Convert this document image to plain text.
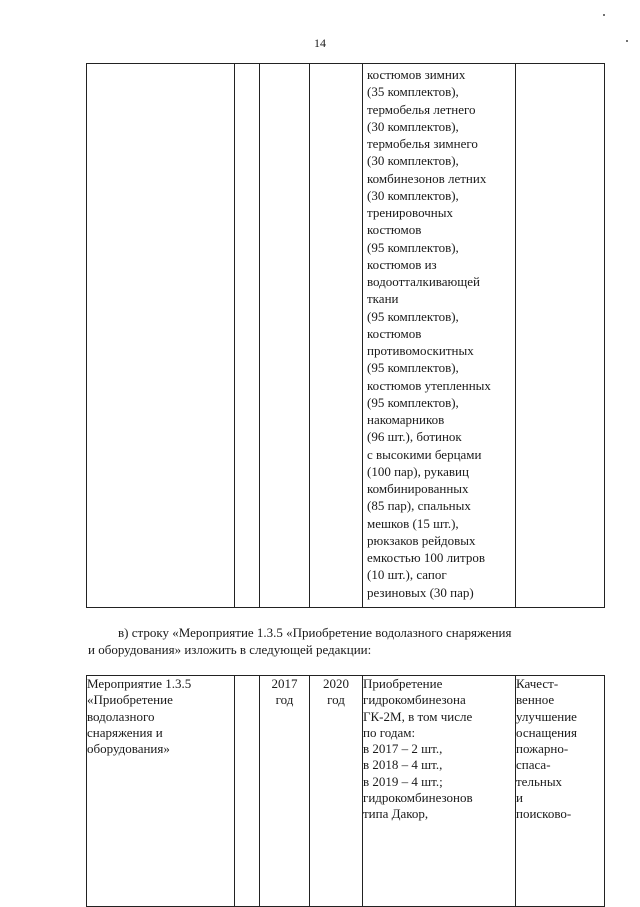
14

костюмов зимних
(35 комплектов),
термобелья летнего
(30 комплектов),
термобелья зимнего
(30 комплектов),
комбинезонов летних
(30 комплектов),
тренировочных
костюмов
(95 комплектов),
костюмов из
водоотталкивающей
ткани
(95 комплектов),
костюмов
противомоскитных
(95 комплектов),
костюмов утепленных
(95 комплектов),
накомарников
(96 шт.), ботинок
с высокими берцами
(100 пар), рукавиц
комбинированных
(85 пар), спальных
мешков (15 шт.),
рюкзаков рейдовых
емкостью 100 литров
(10 шт.), сапог
резиновых (30 пар)

в) строку «Мероприятие 1.3.5 «Приобретение водолазного снаряжения
и оборудования» изложить в следующей редакции:
Мероприятие 1.3.5
«Приобретение
водолазного
снаряжения и
оборудования»

2017
год

2020
год

Приобретение
гидрокомбинезона
ГК-2М, в том числе
по годам:
в 2017 – 2 шт.,
в 2018 – 4 шт.,
в 2019 – 4 шт.;
гидрокомбинезонов
типа Дакор,

Качест-
венное
улучшение
оснащения
пожарно-
спаса-
тельных
и
поисково-
